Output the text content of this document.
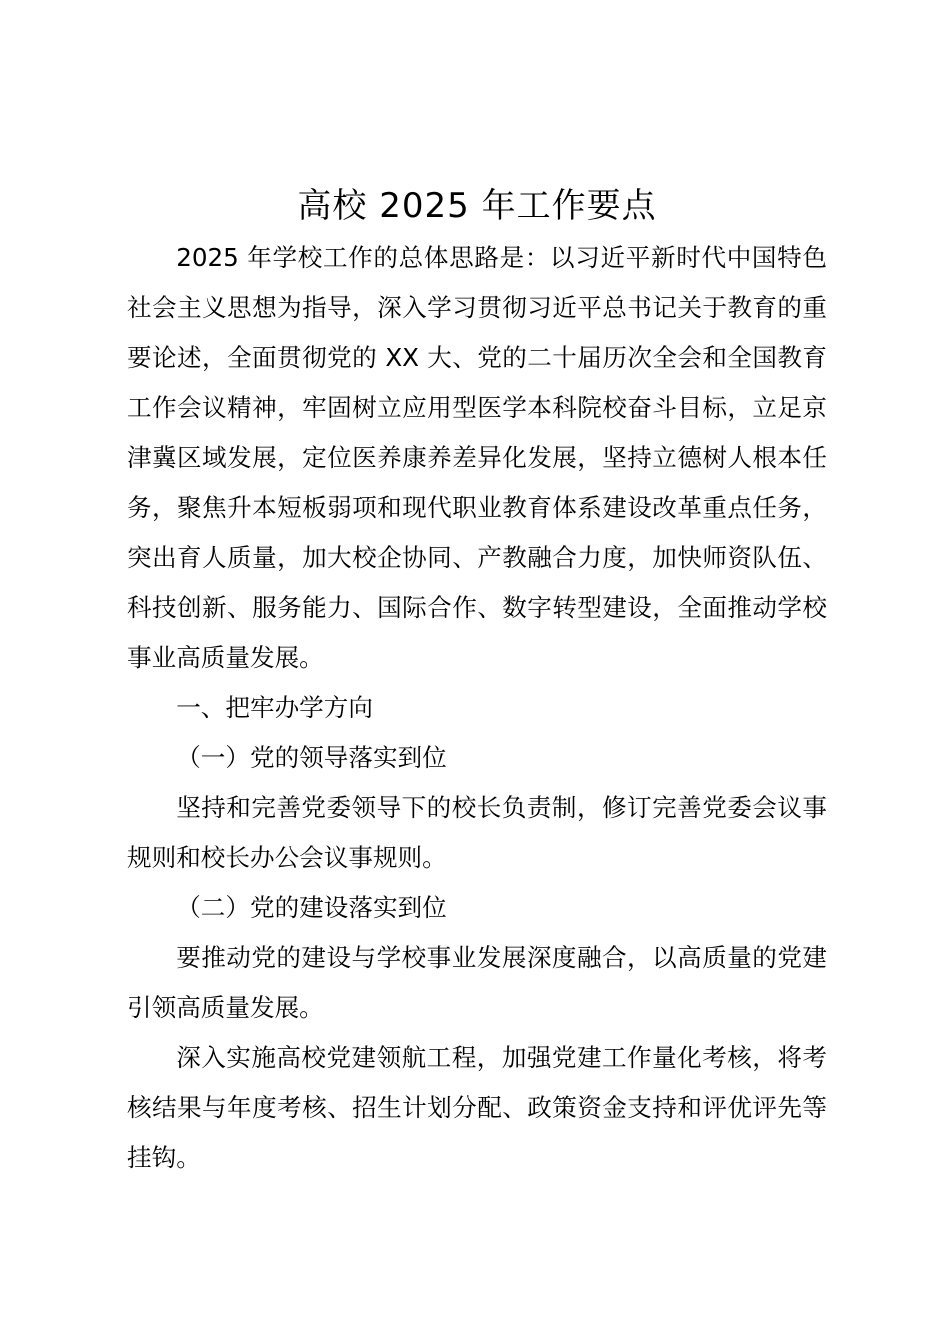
高校 2025 年工作要点

2025 年学校工作的总体思路是：以习近平新时代中国特色社会主义思想为指导，深入学习贯彻习近平总书记关于教育的重要论述，全面贯彻党的 XX 大、党的二十届历次全会和全国教育工作会议精神，牢固树立应用型医学本科院校奋斗目标，立足京津冀区域发展，定位医养康养差异化发展，坚持立德树人根本任务，聚焦升本短板弱项和现代职业教育体系建设改革重点任务，突出育人质量，加大校企协同、产教融合力度，加快师资队伍、科技创新、服务能力、国际合作、数字转型建设，全面推动学校事业高质量发展。

一、把牢办学方向

（一）党的领导落实到位

坚持和完善党委领导下的校长负责制，修订完善党委会议事规则和校长办公会议事规则。

（二）党的建设落实到位

要推动党的建设与学校事业发展深度融合，以高质量的党建引领高质量发展。

深入实施高校党建领航工程，加强党建工作量化考核，将考核结果与年度考核、招生计划分配、政策资金支持和评优评先等挂钩。
